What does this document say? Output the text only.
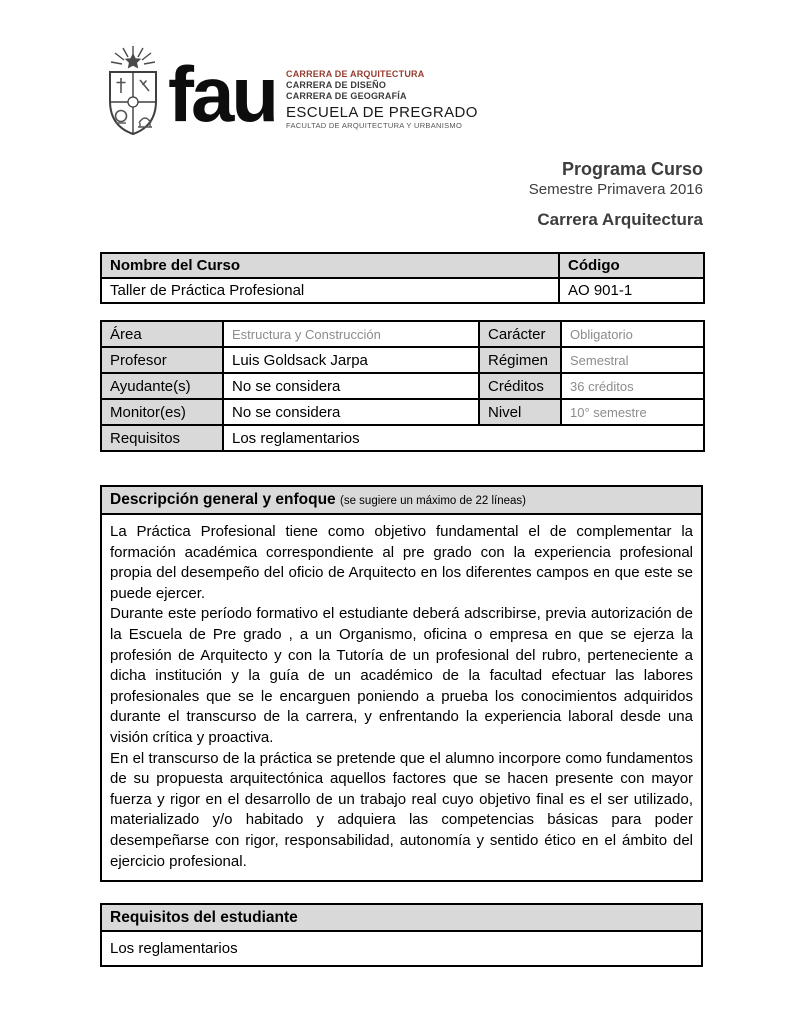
fau CARRERA DE ARQUITECTURA
CARRERA DE DISEÑO
CARRERA DE GEOGRAFÍA
ESCUELA DE PREGRADO
FACULTAD DE ARQUITECTURA Y URBANISMO
Programa Curso
Semestre Primavera 2016
Carrera Arquitectura
Nombre del Curso	Código
Taller de Práctica Profesional	AO 901-1
Área	Estructura y Construcción	Carácter	Obligatorio
Profesor	Luis Goldsack Jarpa	Régimen	Semestral
Ayudante(s)	No se considera	Créditos	36 créditos
Monitor(es)	No se considera	Nivel	10° semestre
Requisitos	Los reglamentarios		
Descripción general y enfoque (se sugiere un máximo de 22 líneas)

La Práctica Profesional tiene como objetivo fundamental el de complementar la formación académica correspondiente al pre grado con la experiencia profesional propia del desempeño del oficio de Arquitecto en los diferentes campos en que este se puede ejercer.

Durante este período formativo el estudiante deberá adscribirse, previa autorización de la Escuela de Pre grado , a un Organismo, oficina o empresa en que se ejerza la profesión de Arquitecto y con la Tutoría de un profesional del rubro, perteneciente a dicha institución y la guía de un académico de la facultad efectuar las labores profesionales que se le encarguen poniendo a prueba los conocimientos adquiridos durante el transcurso de la carrera, y enfrentando la experiencia laboral desde una visión crítica y proactiva.

En el transcurso de la práctica se pretende que el alumno incorpore como fundamentos de su propuesta arquitectónica aquellos factores que se hacen presente con mayor fuerza y rigor en el desarrollo de un trabajo real cuyo objetivo final es el ser utilizado, materializado y/o habitado y adquiera las competencias básicas para poder desempeñarse con rigor, responsabilidad, autonomía y sentido ético en el ámbito del ejercicio profesional.

Requisitos del estudiante
Los reglamentarios
